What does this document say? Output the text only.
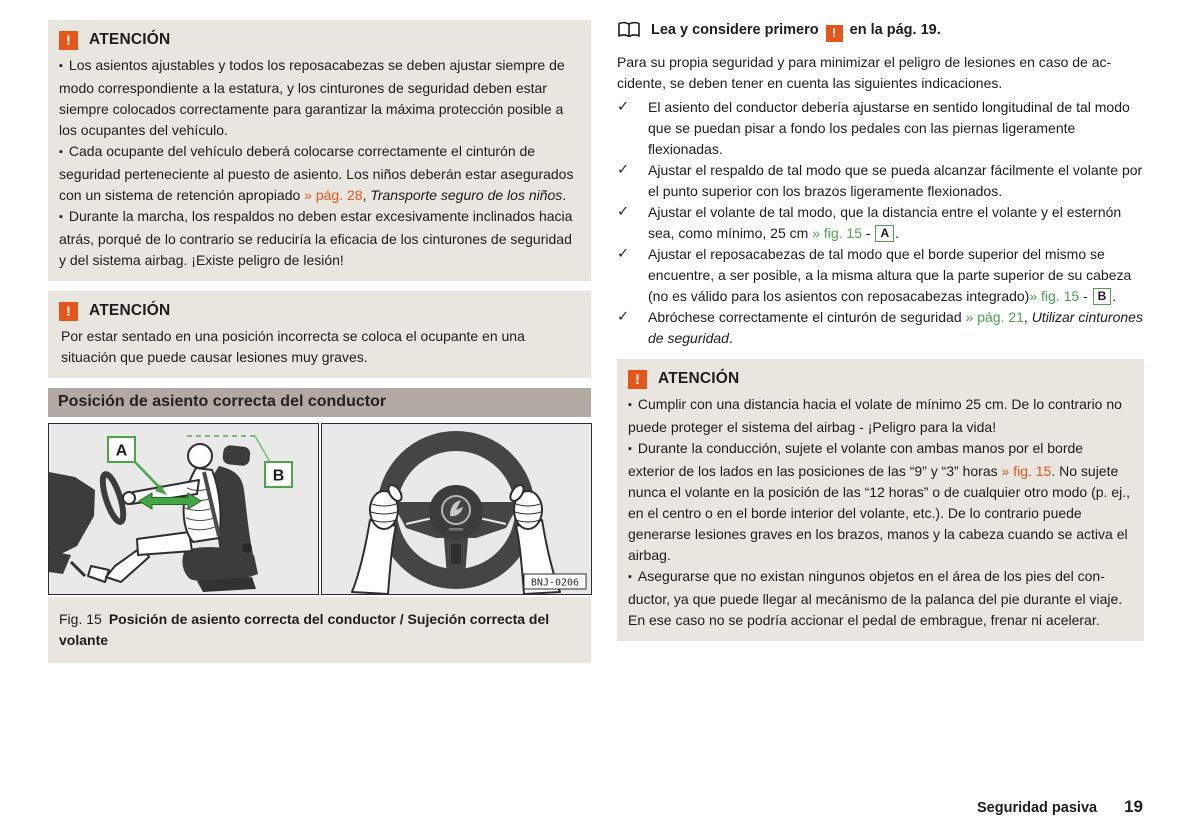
!	ATENCIÓN

▪ Los asientos ajustables y todos los reposacabezas se deben ajustar siempre de modo correspondiente a la estatura, y los cinturones de seguridad deben estar siempre colocados correctamente para garantizar la máxima protección posible a los ocupantes del vehículo.

▪ Cada ocupante del vehículo deberá colocarse correctamente el cinturón de seguridad perteneciente al puesto de asiento. Los niños deberán estar asegurados con un sistema de retención apropiado » pág. 28, Transporte seguro de los niños.

▪ Durante la marcha, los respaldos no deben estar excesivamente inclinados hacia atrás, porqué de lo contrario se reduciría la eficacia de los cinturones de seguridad y del sistema airbag. ¡Existe peligro de lesión!

!	ATENCIÓN

Por estar sentado en una posición incorrecta se coloca el ocupante en una situación que puede causar lesiones muy graves.

Posición de asiento correcta del conductor
A
B
BNJ-0206
Fig. 15 Posición de asiento correcta del conductor / Sujeción correcta del volante
Lea y considere primero ! en la pág. 19.

Para su propia seguridad y para minimizar el peligro de lesiones en caso de accidente, se deben tener en cuenta las siguientes indicaciones.

✓	El asiento del conductor debería ajustarse en sentido longitudinal de tal modo que se puedan pisar a fondo los pedales con las piernas ligeramente flexionadas.

✓	Ajustar el respaldo de tal modo que se pueda alcanzar fácilmente el volante por el punto superior con los brazos ligeramente flexionados.

✓	Ajustar el volante de tal modo, que la distancia entre el volante y el esternón sea, como mínimo, 25 cm » fig. 15 - A .

✓	Ajustar el reposacabezas de tal modo que el borde superior del mismo se encuentre, a ser posible, a la misma altura que la parte superior de su cabeza (no es válido para los asientos con reposacabezas integrado)» fig. 15 - B .

✓	Abróchese correctamente el cinturón de seguridad » pág. 21, Utilizar cinturones de seguridad.

!	ATENCIÓN

▪ Cumplir con una distancia hacia el volate de mínimo 25 cm. De lo contrario no puede proteger el sistema del airbag - ¡Peligro para la vida!

▪ Durante la conducción, sujete el volante con ambas manos por el borde exterior de los lados en las posiciones de las “9” y “3” horas » fig. 15. No sujete nunca el volante en la posición de las “12 horas” o de cualquier otro modo (p. ej., en el centro o en el borde interior del volante, etc.). De lo contrario puede generarse lesiones graves en los brazos, manos y la cabeza cuando se activa el airbag.

▪ Asegurarse que no existan ningunos objetos en el área de los pies del conductor, ya que puede llegar al mecánismo de la palanca del pie durante el viaje. En ese caso no se podría accionar el pedal de embrague, frenar ni acelerar.

Seguridad pasiva 19
